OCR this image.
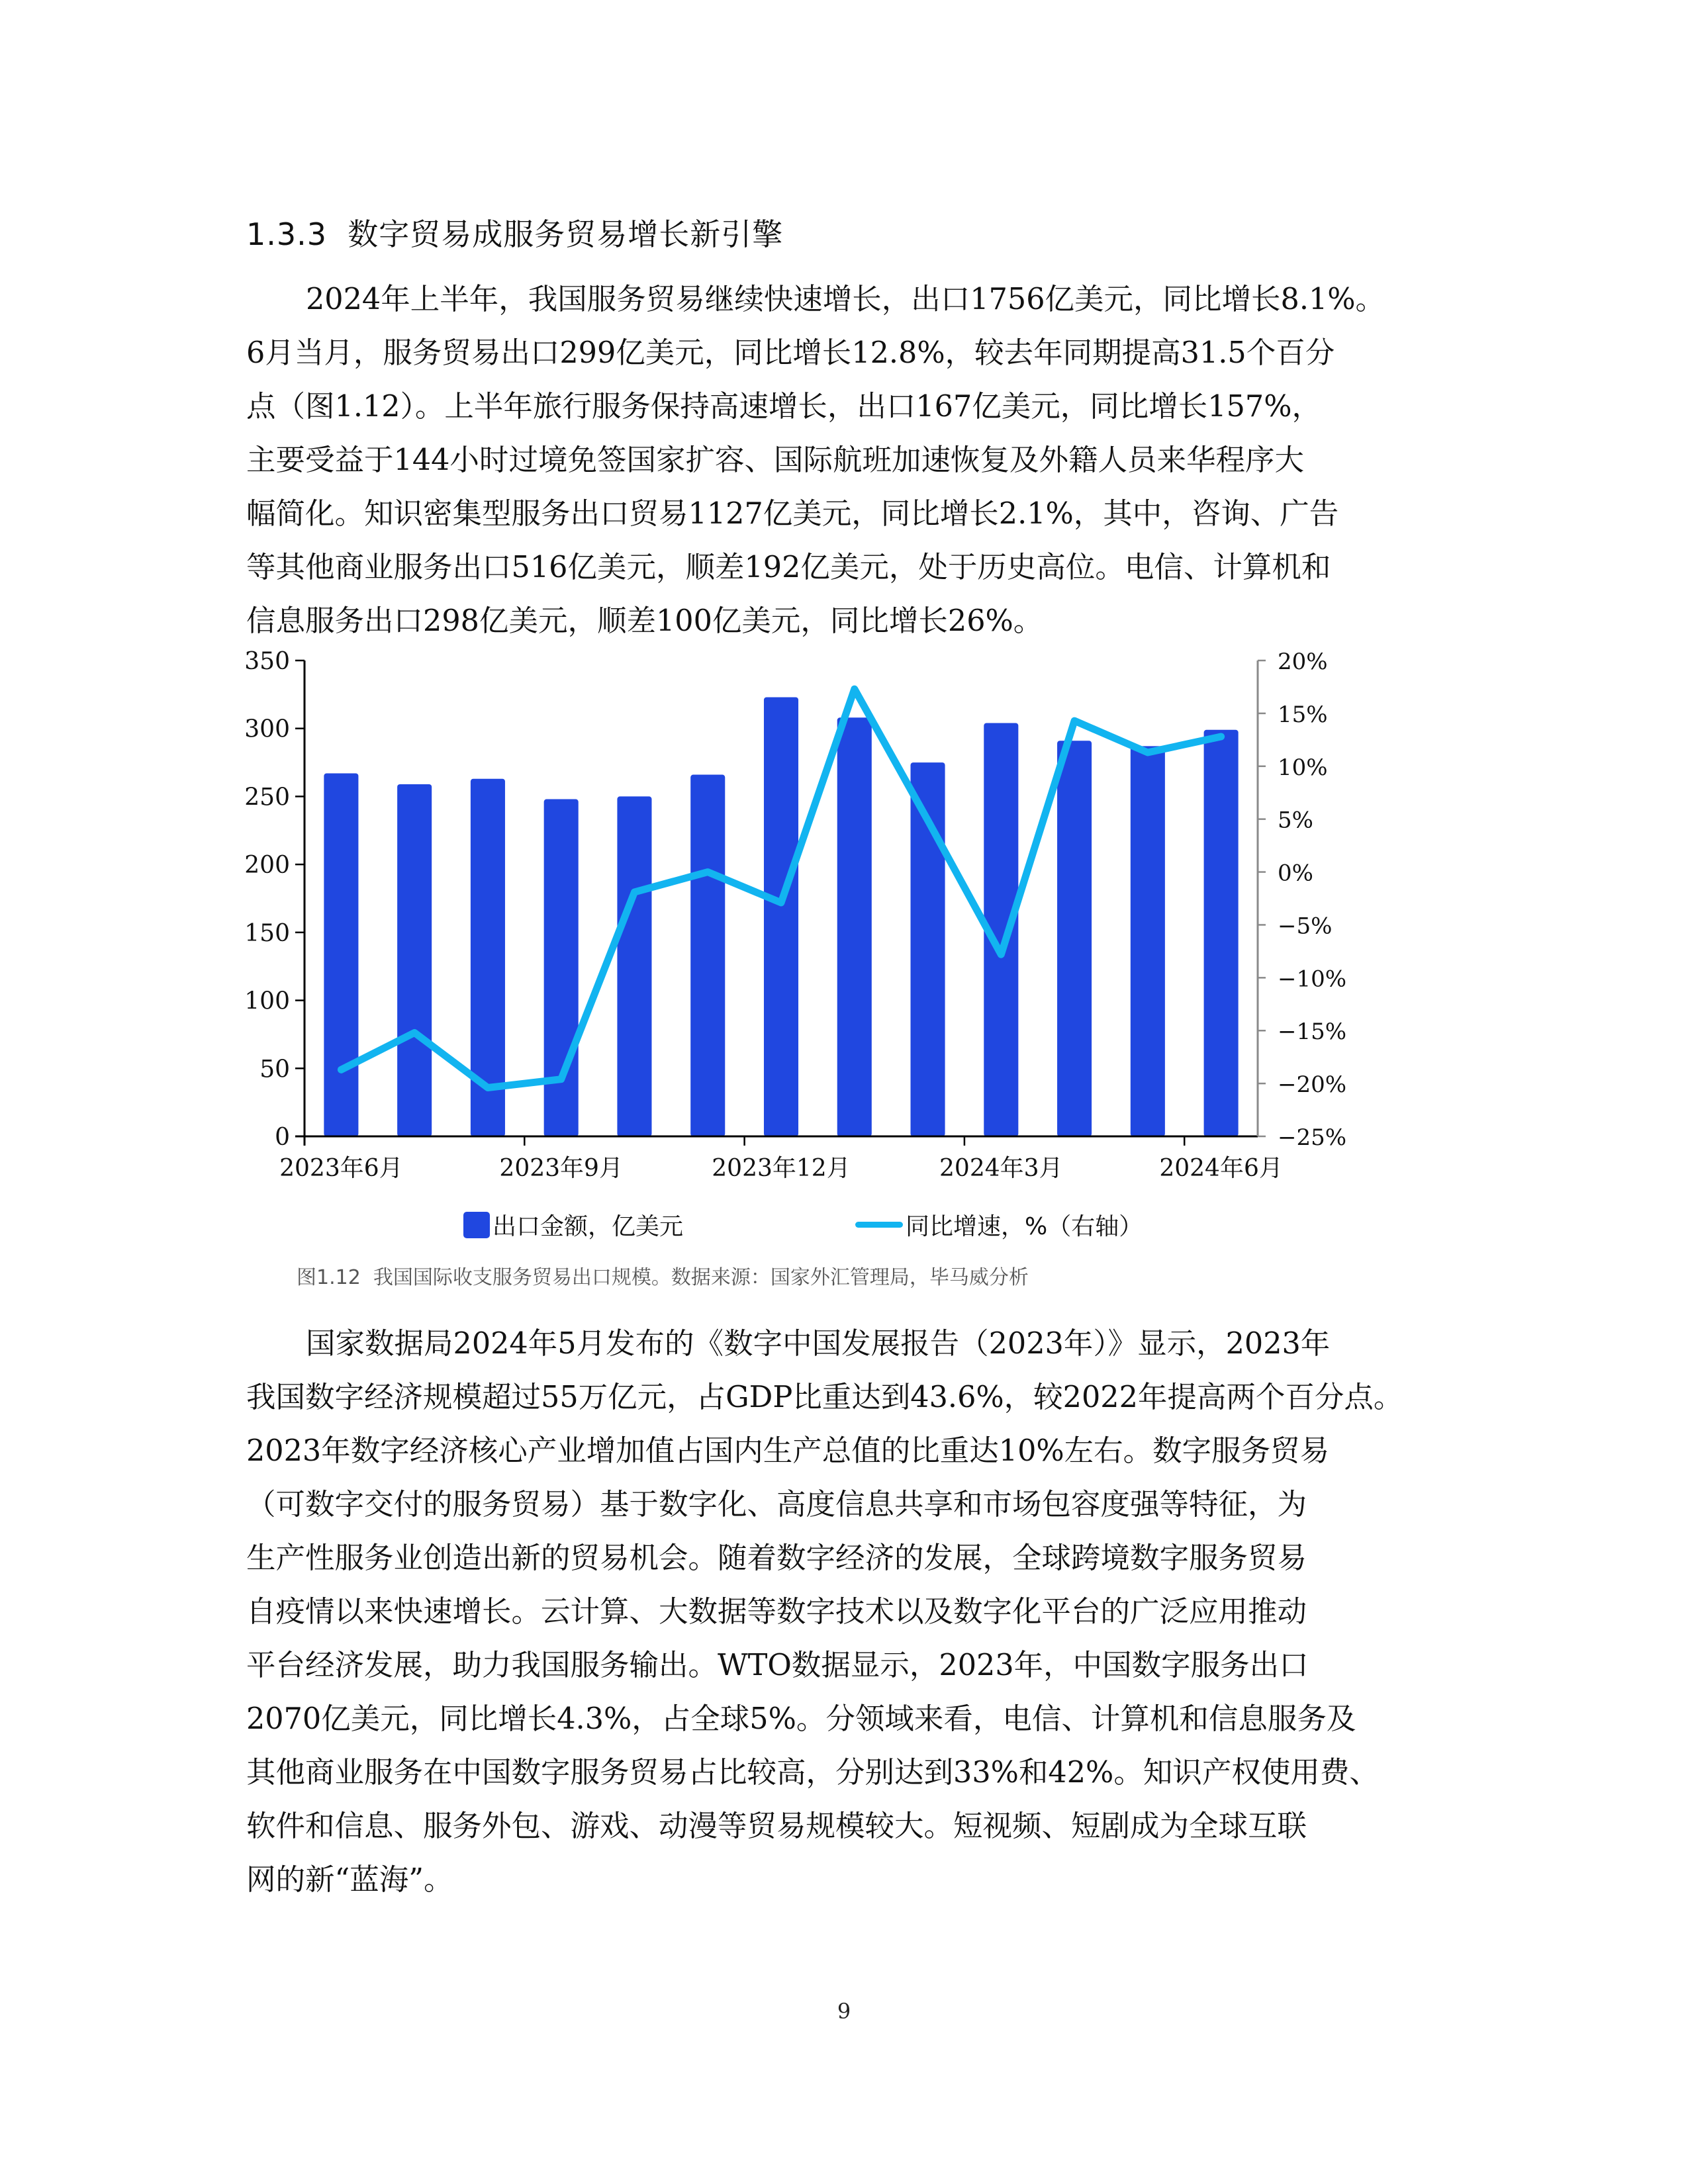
1.3.3 数字贸易成服务贸易增长新引擎
2024年上半年，我国服务贸易继续快速增长，出口1756亿美元，同比增长8.1%。
6月当月，服务贸易出口299亿美元，同比增长12.8%，较去年同期提高31.5个百分
点（图1.12）。上半年旅行服务保持高速增长，出口167亿美元，同比增长157%，
主要受益于144小时过境免签国家扩容、国际航班加速恢复及外籍人员来华程序大
幅简化。知识密集型服务出口贸易1127亿美元，同比增长2.1%，其中，咨询、广告
等其他商业服务出口516亿美元，顺差192亿美元，处于历史高位。电信、计算机和
信息服务出口298亿美元，顺差100亿美元，同比增长26%。
0
50
100
150
200
250
300
350
2023年6月	2023年9月	2023年12月	2024年3月	2024年6月
−25%
−20%
−15%
−10%
−5%
0%
5%
10%
15%
20%
出口金额，亿美元	同比增速，%（右轴）
图1.12  我国国际收支服务贸易出口规模。数据来源：国家外汇管理局，毕马威分析
国家数据局2024年5月发布的《数字中国发展报告（2023年）》显示，2023年
我国数字经济规模超过55万亿元，占GDP比重达到43.6%，较2022年提高两个百分点。
2023年数字经济核心产业增加值占国内生产总值的比重达10%左右。数字服务贸易
（可数字交付的服务贸易）基于数字化、高度信息共享和市场包容度强等特征，为
生产性服务业创造出新的贸易机会。随着数字经济的发展，全球跨境数字服务贸易
自疫情以来快速增长。云计算、大数据等数字技术以及数字化平台的广泛应用推动
平台经济发展，助力我国服务输出。WTO数据显示，2023年，中国数字服务出口
2070亿美元，同比增长4.3%，占全球5%。分领域来看，电信、计算机和信息服务及
其他商业服务在中国数字服务贸易占比较高，分别达到33%和42%。知识产权使用费、
软件和信息、服务外包、游戏、动漫等贸易规模较大。短视频、短剧成为全球互联
网的新“蓝海”。
9
